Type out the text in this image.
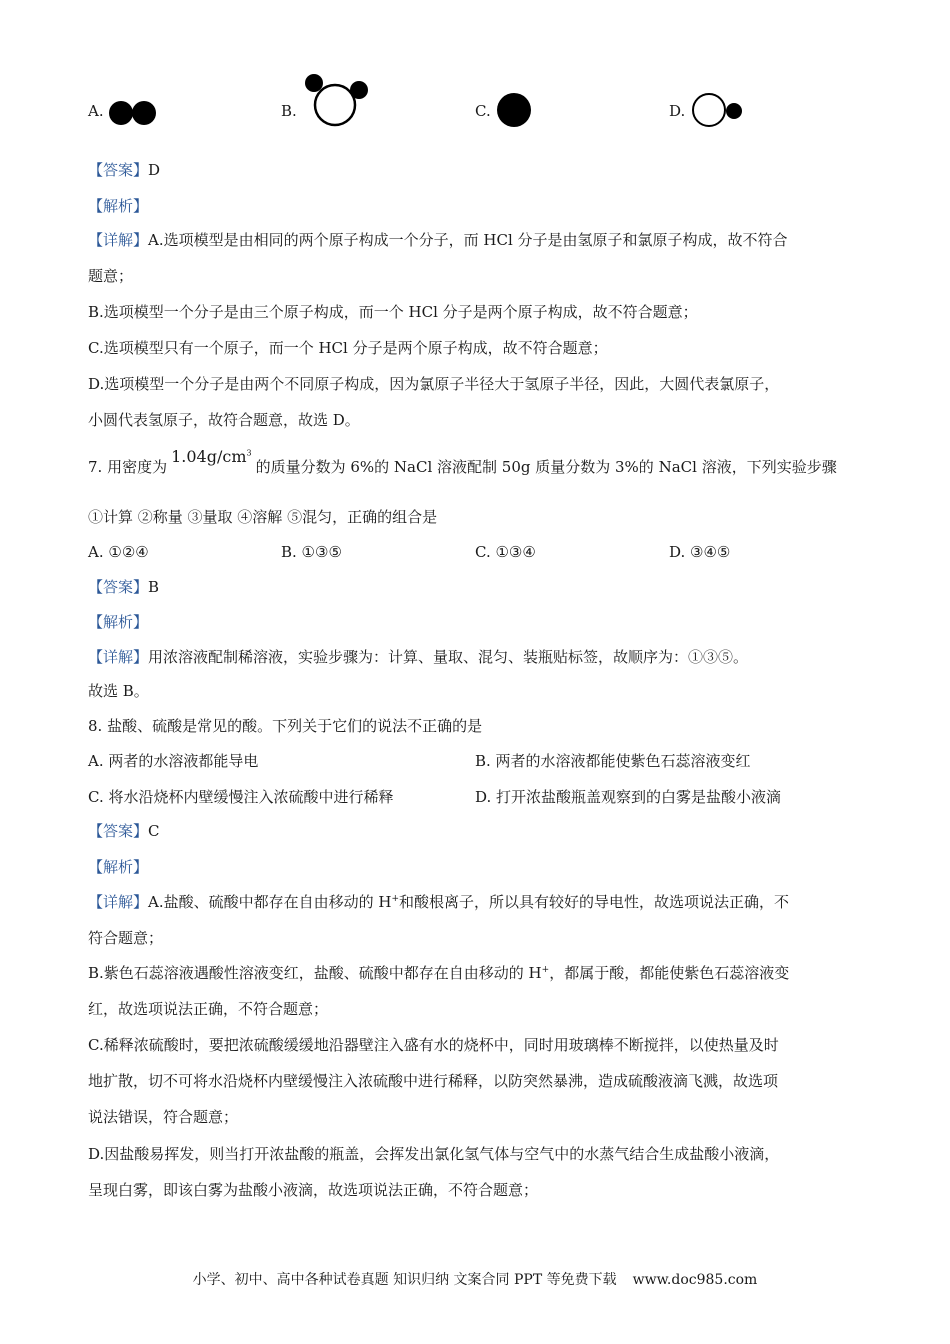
A.	B.	C.	D.
【答案】D
【解析】
【详解】A.选项模型是由相同的两个原子构成一个分子，而 HCl 分子是由氢原子和氯原子构成，故不符合
题意；
B.选项模型一个分子是由三个原子构成，而一个 HCl 分子是两个原子构成，故不符合题意；
C.选项模型只有一个原子，而一个 HCl 分子是两个原子构成，故不符合题意；
D.选项模型一个分子是由两个不同原子构成，因为氯原子半径大于氢原子半径，因此，大圆代表氯原子，
小圆代表氢原子，故符合题意，故选 D。
7. 用密度为$1.04g/cm^3$的质量分数为 6%的 NaCl 溶液配制 50g 质量分数为 3%的 NaCl 溶液，下列实验步骤
①计算 ②称量 ③量取 ④溶解 ⑤混匀，正确的组合是
A. ①②④	B. ①③⑤	C. ①③④	D. ③④⑤
【答案】B
【解析】
【详解】用浓溶液配制稀溶液，实验步骤为：计算、量取、混匀、装瓶贴标签，故顺序为：①③⑤。
故选 B。
8. 盐酸、硫酸是常见的酸。下列关于它们的说法不正确的是
A. 两者的水溶液都能导电	B. 两者的水溶液都能使紫色石蕊溶液变红
C. 将水沿烧杯内壁缓慢注入浓硫酸中进行稀释	D. 打开浓盐酸瓶盖观察到的白雾是盐酸小液滴
【答案】C
【解析】
【详解】A.盐酸、硫酸中都存在自由移动的 H+和酸根离子，所以具有较好的导电性，故选项说法正确，不
符合题意；
B.紫色石蕊溶液遇酸性溶液变红，盐酸、硫酸中都存在自由移动的 H+，都属于酸，都能使紫色石蕊溶液变
红，故选项说法正确，不符合题意；
C.稀释浓硫酸时，要把浓硫酸缓缓地沿器壁注入盛有水的烧杯中，同时用玻璃棒不断搅拌，以使热量及时
地扩散，切不可将水沿烧杯内壁缓慢注入浓硫酸中进行稀释，以防突然暴沸，造成硫酸液滴飞溅，故选项
说法错误，符合题意；
D.因盐酸易挥发，则当打开浓盐酸的瓶盖，会挥发出氯化氢气体与空气中的水蒸气结合生成盐酸小液滴，
呈现白雾，即该白雾为盐酸小液滴，故选项说法正确，不符合题意；
小学、初中、高中各种试卷真题 知识归纳 文案合同 PPT 等免费下载 www.doc985.com
